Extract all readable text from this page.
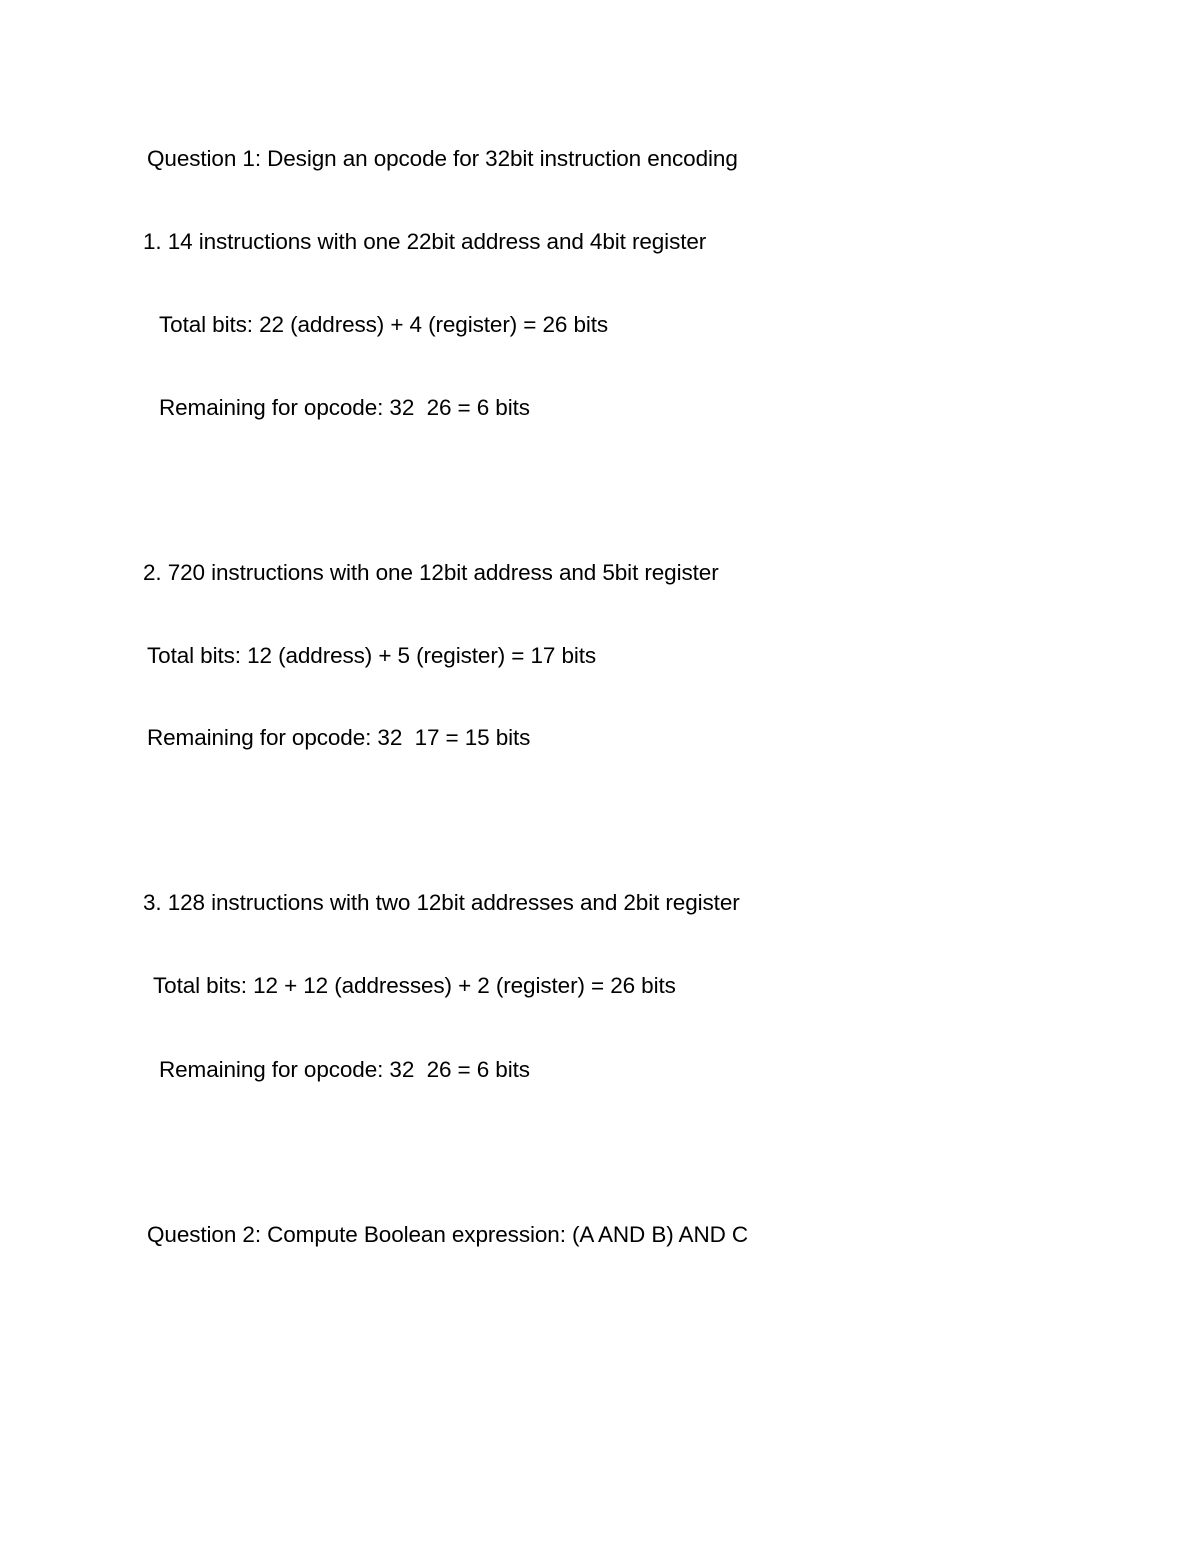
Question 1: Design an opcode for 32bit instruction encoding
1. 14 instructions with one 22bit address and 4bit register
Total bits: 22 (address) + 4 (register) = 26 bits
Remaining for opcode: 32  26 = 6 bits
2. 720 instructions with one 12bit address and 5bit register
Total bits: 12 (address) + 5 (register) = 17 bits
Remaining for opcode: 32  17 = 15 bits
3. 128 instructions with two 12bit addresses and 2bit register
Total bits: 12 + 12 (addresses) + 2 (register) = 26 bits
Remaining for opcode: 32  26 = 6 bits
Question 2: Compute Boolean expression: (A AND B) AND C
